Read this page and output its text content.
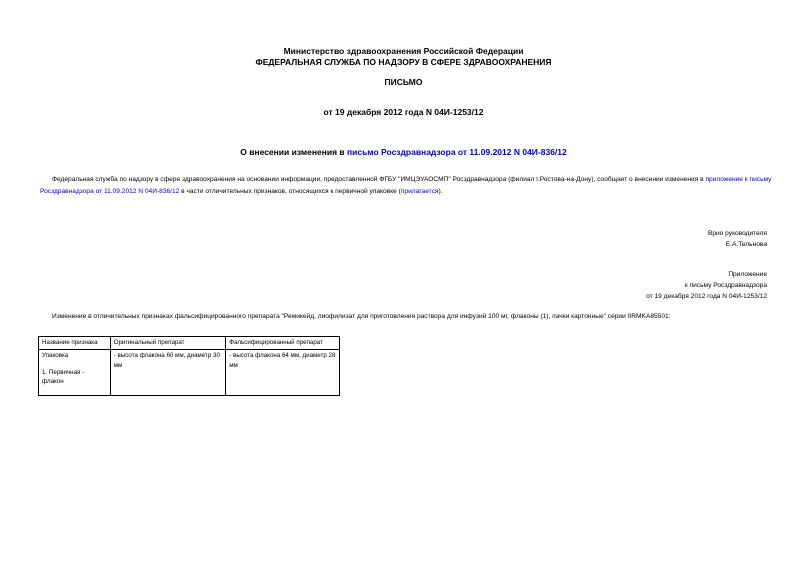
Министерство здравоохранения Российской Федерации
ФЕДЕРАЛЬНАЯ СЛУЖБА ПО НАДЗОРУ В СФЕРЕ ЗДРАВООХРАНЕНИЯ
ПИСЬМО
от 19 декабря 2012 года N 04И-1253/12
О внесении изменения в письмо Росздравнадзора от 11.09.2012 N 04И-836/12
Федеральная служба по надзору в сфере здравоохранения на основании информации, предоставленной ФГБУ "ИМЦЭУАОСМП" Росздравнадзора (филиал г.Ростова-на-Дону), сообщает о внесении изменения в приложение к письму Росздравнадзора от 11.09.2012 N 04И-836/12 в части отличительных признаков, относящихся к первичной упаковке (прилагается).
Врио руководителя
Е.А.Тельнова
Приложение
к письму Росздравнадзора
от 19 декабря 2012 года N 04И-1253/12
Изменение в отличительных признаках фальсифицированного препарата "Ремикейд, лиофилизат для приготовления раствора для инфузий 100 мг, флаконы (1), пачки картонные" серии 0RMKA85501:
Название признака	Оригинальный препарат	Фальсифицированный препарат

Упаковка
1. Первичная - флакон	- высота флакона 60 мм, диаметр 30 мм	- высота флакона 64 мм, диаметр 28 мм
